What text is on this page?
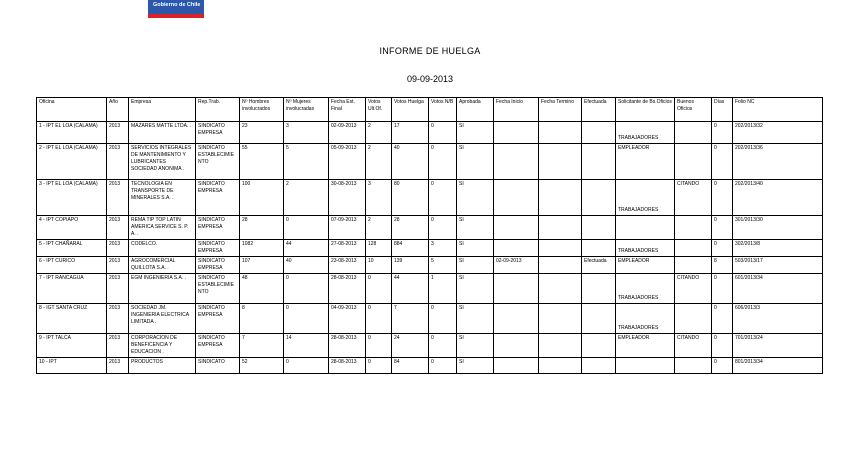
Gobierno de Chile
INFORME DE HUELGA
09-09-2013
Oficina	Año	Empresa	Rep.Trab.	Nº Hombres involucrados	Nº Mujeres involucradas	Fecha Est. Final	Votos Ult.Of.	Votos Huelga	Votos N/B	Aprobada	Fecha Inicio	Fecha Termino	Efectuada	Solicitante de Bs.Oficios	Buenos Oficios	Días	Folio NC
1 - IPT EL LOA (CALAMA)	2013	MAZARES MATTE LTDA. .	SINDICATO EMPRESA	23	3	02-09-2013	2	17	0	SI				TRABAJADORES		0	202/2013/32
2 - IPT EL LOA (CALAMA)	2013	SERVICIOS INTEGRALES DE MANTENIMIENTO Y LUBRICANTES SOCIEDAD ANONIMA .	SINDICATO ESTABLECIMIENTO	55	5	05-09-2013	2	40	0	SI				EMPLEADOR		0	202/2013/36
3 - IPT EL LOA (CALAMA)	2013	TECNOLOGIA EN TRANSPORTE DE MINERALES S.A. .	SINDICATO EMPRESA	100	2	30-08-2013	3	80	0	SI				TRABAJADORES	CITANDO	0	202/2013/40
4 - IPT COPIAPO	2013	REMA TIP TOP LATIN AMERICA SERVICE S. P. A. .	SINDICATO EMPRESA	28	0	07-09-2013	2	28	0	SI						0	301/2013/30
5 - IPT CHAÑARAL	2013	CODELCO.	SINDICATO EMPRESA	1082	44	27-08-2013	128	884	3	SI				TRABAJADORES		0	302/2013/8
6 - IPT CURICO	2013	AGROCOMERCIAL QUILLOTA S.A. .	SINDICATO EMPRESA	107	40	23-08-2013	10	139	5	SI	02-09-2013		Efectuada	EMPLEADOR		8	503/2013/17
7 - IPT RANCAGUA	2013	EGM INGENIERIA S.A. .	SINDICATO ESTABLECIMIENTO	48	0	28-08-2013	0	44	1	SI				TRABAJADORES	CITANDO	0	601/2013/34
8 - IGT SANTA CRUZ	2013	SOCIEDAD JM. INGENIERIA ELECTRICA LIMITADA .	SINDICATO EMPRESA	8	0	04-09-2013	0	7	0	SI				TRABAJADORES		0	606/2013/3
9 - IPT TALCA	2013	CORPORACION DE BENEFICENCIA Y EDUCACION .	SINDICATO EMPRESA	7	14	28-08-2013	0	24	0	SI				EMPLEADOR	CITANDO	0	701/2013/24
10 - IPT	2013	PRODUCTOS	SINDICATO	52	0	28-08-2013	0	84	0	SI						0	801/2013/34
